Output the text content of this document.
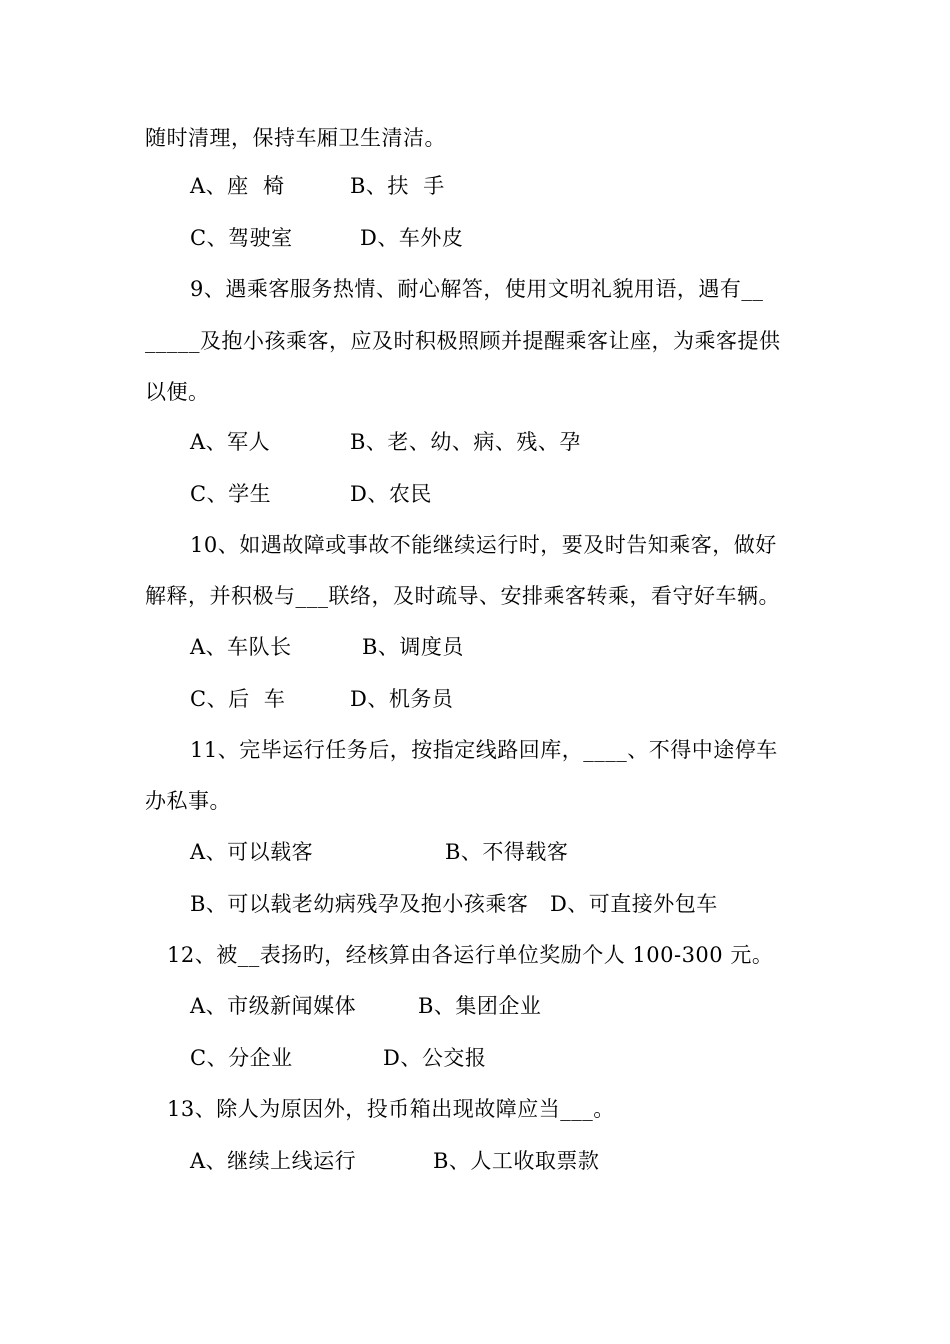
随时清理，保持车厢卫生清洁。
A、座  椅	B、扶  手
C、驾驶室	D、车外皮
9、遇乘客服务热情、耐心解答，使用文明礼貌用语，遇有__
_____及抱小孩乘客，应及时积极照顾并提醒乘客让座，为乘客提供
以便。
A、军人	B、老、幼、病、残、孕
C、学生	D、农民
10、如遇故障或事故不能继续运行时，要及时告知乘客，做好
解释，并积极与___联络，及时疏导、安排乘客转乘，看守好车辆。
A、车队长	B、调度员
C、后  车	D、机务员
11、完毕运行任务后，按指定线路回库，____、不得中途停车
办私事。
A、可以载客	B、不得载客
B、可以载老幼病残孕及抱小孩乘客   D、可直接外包车
12、被__表扬旳，经核算由各运行单位奖励个人 100-300 元。
A、市级新闻媒体	B、集团企业
C、分企业	D、公交报
13、除人为原因外，投币箱出现故障应当___。
A、继续上线运行	B、人工收取票款
